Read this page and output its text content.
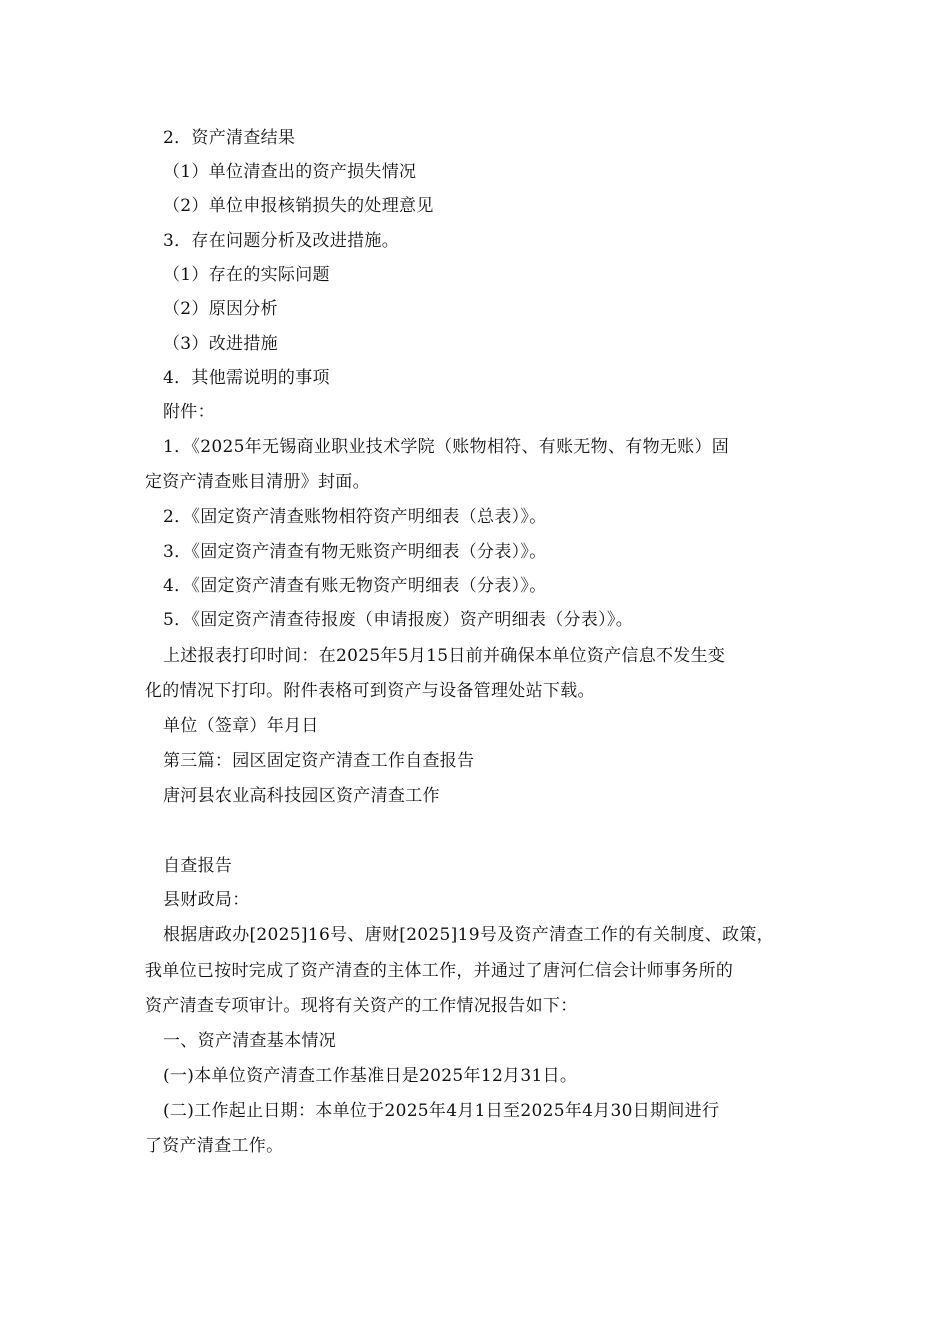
2．资产清查结果
（1）单位清查出的资产损失情况
（2）单位申报核销损失的处理意见
3．存在问题分析及改进措施。
（1）存在的实际问题
（2）原因分析
（3）改进措施
4．其他需说明的事项
附件：
1．《2025年无锡商业职业技术学院（账物相符、有账无物、有物无账）固
定资产清查账目清册》封面。
2．《固定资产清查账物相符资产明细表（总表）》。
3．《固定资产清查有物无账资产明细表（分表）》。
4．《固定资产清查有账无物资产明细表（分表）》。
5．《固定资产清查待报废（申请报废）资产明细表（分表）》。
上述报表打印时间：在2025年5月15日前并确保本单位资产信息不发生变
化的情况下打印。附件表格可到资产与设备管理处站下载。
单位（签章）年月日
第三篇：园区固定资产清查工作自查报告
唐河县农业高科技园区资产清查工作
自查报告
县财政局：
根据唐政办[2025]16号、唐财[2025]19号及资产清查工作的有关制度、政策，
我单位已按时完成了资产清查的主体工作，并通过了唐河仁信会计师事务所的
资产清查专项审计。现将有关资产的工作情况报告如下：
一、资产清查基本情况
(一)本单位资产清查工作基准日是2025年12月31日。
(二)工作起止日期：本单位于2025年4月1日至2025年4月30日期间进行
了资产清查工作。
